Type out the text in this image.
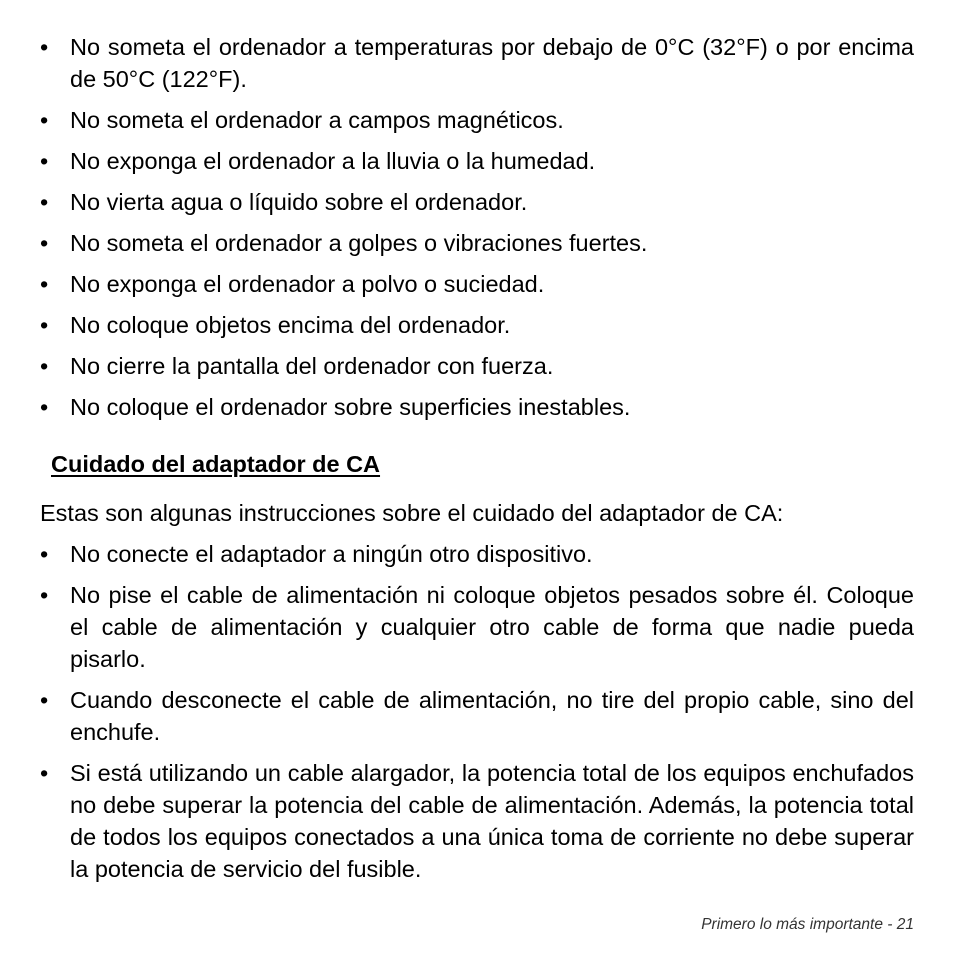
• No someta el ordenador a temperaturas por debajo de 0°C (32°F) o por encima de 50°C (122°F).
• No someta el ordenador a campos magnéticos.
• No exponga el ordenador a la lluvia o la humedad.
• No vierta agua o líquido sobre el ordenador.
• No someta el ordenador a golpes o vibraciones fuertes.
• No exponga el ordenador a polvo o suciedad.
• No coloque objetos encima del ordenador.
• No cierre la pantalla del ordenador con fuerza.
• No coloque el ordenador sobre superficies inestables.
Cuidado del adaptador de CA
Estas son algunas instrucciones sobre el cuidado del adaptador de CA:
• No conecte el adaptador a ningún otro dispositivo.
• No pise el cable de alimentación ni coloque objetos pesados sobre él. Coloque el cable de alimentación y cualquier otro cable de forma que nadie pueda pisarlo.
• Cuando desconecte el cable de alimentación, no tire del propio cable, sino del enchufe.
• Si está utilizando un cable alargador, la potencia total de los equipos enchufados no debe superar la potencia del cable de alimentación. Además, la potencia total de todos los equipos conectados a una única toma de corriente no debe superar la potencia de servicio del fusible.
Primero lo más importante - 21
